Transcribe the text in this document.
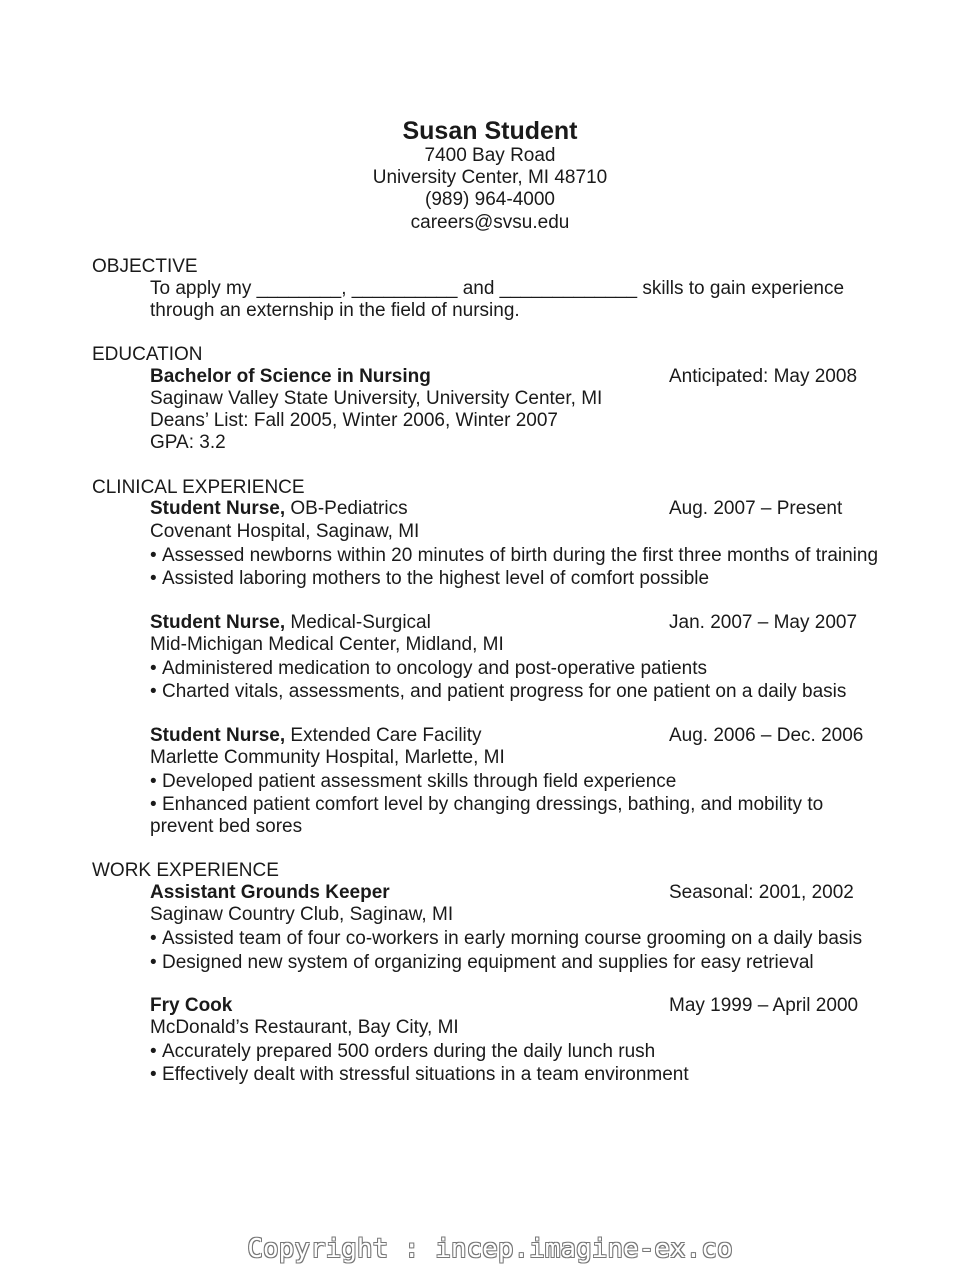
Susan Student
7400 Bay Road
University Center, MI 48710
(989) 964-4000
careers@svsu.edu
OBJECTIVE
To apply my ________, __________ and _____________ skills to gain experience
through an externship in the field of nursing.
EDUCATION
Bachelor of Science in Nursing	Anticipated: May 2008
Saginaw Valley State University, University Center, MI
Deans’ List: Fall 2005, Winter 2006, Winter 2007
GPA: 3.2
CLINICAL EXPERIENCE
Student Nurse, OB-Pediatrics	Aug. 2007 – Present
Covenant Hospital, Saginaw, MI
• Assessed newborns within 20 minutes of birth during the first three months of training
• Assisted laboring mothers to the highest level of comfort possible
Student Nurse, Medical-Surgical	Jan. 2007 – May 2007
Mid-Michigan Medical Center, Midland, MI
• Administered medication to oncology and post-operative patients
• Charted vitals, assessments, and patient progress for one patient on a daily basis
Student Nurse, Extended Care Facility	Aug. 2006 – Dec. 2006
Marlette Community Hospital, Marlette, MI
• Developed patient assessment skills through field experience
• Enhanced patient comfort level by changing dressings, bathing, and mobility to
prevent bed sores
WORK EXPERIENCE
Assistant Grounds Keeper	Seasonal: 2001, 2002
Saginaw Country Club, Saginaw, MI
• Assisted team of four co-workers in early morning course grooming on a daily basis
• Designed new system of organizing equipment and supplies for easy retrieval
Fry Cook	May 1999 – April 2000
McDonald’s Restaurant, Bay City, MI
• Accurately prepared 500 orders during the daily lunch rush
• Effectively dealt with stressful situations in a team environment
Copyright : incep.imagine-ex.co
